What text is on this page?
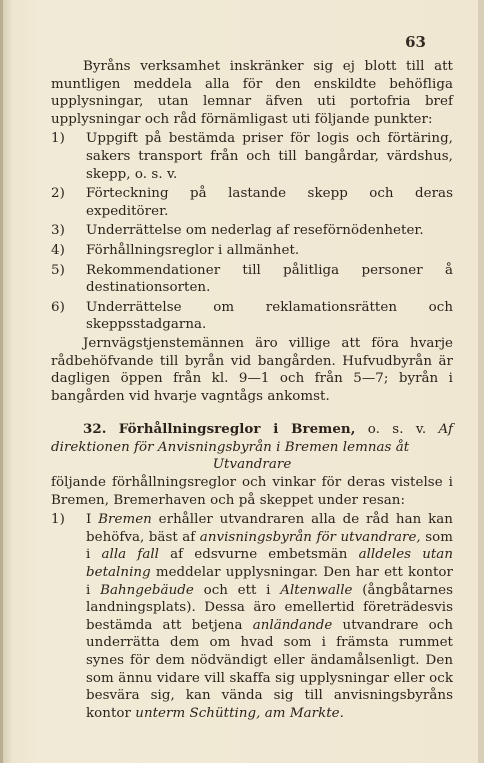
63

Byråns verksamhet inskränker sig ej blott till att muntligen meddela alla för den enskildte behöfliga upplysningar, utan lemnar äfven uti portofria bref upplysningar och råd förnämligast uti följande punkter:

1)	Uppgift på bestämda priser för logis och förtäring, sakers transport från och till bangårdar, värdshus, skepp, o. s. v.
2)	Förteckning på lastande skepp och deras expeditörer.
3)	Underrättelse om nederlag af reseförnödenheter.
4)	Förhållningsreglor i allmänhet.
5)	Rekommendationer till pålitliga personer å destinationsorten.
6)	Underrättelse om reklamationsrätten och skeppsstadgarna.

Jernvägstjenstemännen äro villige att föra hvarje rådbehöfvande till byrån vid bangården. Hufvudbyrån är dagligen öppen från kl. 9—1 och från 5—7; byrån i bangården vid hvarje vagntågs ankomst.

32. Förhållningsreglor i Bremen, o. s. v. Af direktionen för Anvisningsbyrån i Bremen lemnas åt

Utvandrare

följande förhållningsreglor och vinkar för deras vistelse i Bremen, Bremerhaven och på skeppet under resan:

1)	I Bremen erhåller utvandraren alla de råd han kan behöfva, bäst af anvisningsbyrån för utvandrare, som i alla fall af edsvurne embetsmän alldeles utan betalning meddelar upplysningar. Den har ett kontor i Bahngebäude och ett i Altenwalle (ångbåtarnes landningsplats). Dessa äro emellertid företrädesvis bestämda att betjena anländande utvandrare och underrätta dem om hvad som i främsta rummet synes för dem nödvändigt eller ändamålsenligt. Den som ännu vidare vill skaffa sig upplysningar eller ock besvära sig, kan vända sig till anvisningsbyråns kontor unterm Schütting, am Markte.
